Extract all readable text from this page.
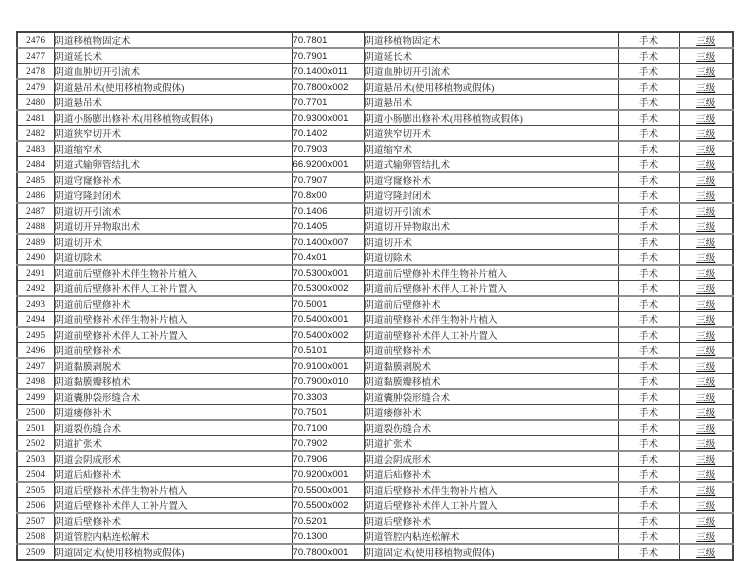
2476	阴道移植物固定术	70.7801	阴道移植物固定术	手术	三级
2477	阴道延长术	70.7901	阴道延长术	手术	三级
2478	阴道血肿切开引流术	70.1400x011	阴道血肿切开引流术	手术	三级
2479	阴道悬吊术(使用移植物或假体)	70.7800x002	阴道悬吊术(使用移植物或假体)	手术	三级
2480	阴道悬吊术	70.7701	阴道悬吊术	手术	三级
2481	阴道小肠膨出修补术(用移植物或假体)	70.9300x001	阴道小肠膨出修补术(用移植物或假体)	手术	三级
2482	阴道狭窄切开术	70.1402	阴道狭窄切开术	手术	三级
2483	阴道缩窄术	70.7903	阴道缩窄术	手术	三级
2484	阴道式输卵管结扎术	66.9200x001	阴道式输卵管结扎术	手术	三级
2485	阴道穹窿修补术	70.7907	阴道穹窿修补术	手术	三级
2486	阴道穹隆封闭术	70.8x00	阴道穹隆封闭术	手术	三级
2487	阴道切开引流术	70.1406	阴道切开引流术	手术	三级
2488	阴道切开异物取出术	70.1405	阴道切开异物取出术	手术	三级
2489	阴道切开术	70.1400x007	阴道切开术	手术	三级
2490	阴道切除术	70.4x01	阴道切除术	手术	三级
2491	阴道前后壁修补术伴生物补片植入	70.5300x001	阴道前后壁修补术伴生物补片植入	手术	三级
2492	阴道前后壁修补术伴人工补片置入	70.5300x002	阴道前后壁修补术伴人工补片置入	手术	三级
2493	阴道前后壁修补术	70.5001	阴道前后壁修补术	手术	三级
2494	阴道前壁修补术伴生物补片植入	70.5400x001	阴道前壁修补术伴生物补片植入	手术	三级
2495	阴道前壁修补术伴人工补片置入	70.5400x002	阴道前壁修补术伴人工补片置入	手术	三级
2496	阴道前壁修补术	70.5101	阴道前壁修补术	手术	三级
2497	阴道黏膜剥脱术	70.9100x001	阴道黏膜剥脱术	手术	三级
2498	阴道黏膜瓣移植术	70.7900x010	阴道黏膜瓣移植术	手术	三级
2499	阴道囊肿袋形缝合术	70.3303	阴道囊肿袋形缝合术	手术	三级
2500	阴道瘘修补术	70.7501	阴道瘘修补术	手术	三级
2501	阴道裂伤缝合术	70.7100	阴道裂伤缝合术	手术	三级
2502	阴道扩张术	70.7902	阴道扩张术	手术	三级
2503	阴道会阴成形术	70.7906	阴道会阴成形术	手术	三级
2504	阴道后疝修补术	70.9200x001	阴道后疝修补术	手术	三级
2505	阴道后壁修补术伴生物补片植入	70.5500x001	阴道后壁修补术伴生物补片植入	手术	三级
2506	阴道后壁修补术伴人工补片置入	70.5500x002	阴道后壁修补术伴人工补片置入	手术	三级
2507	阴道后壁修补术	70.5201	阴道后壁修补术	手术	三级
2508	阴道管腔内粘连松解术	70.1300	阴道管腔内粘连松解术	手术	三级
2509	阴道固定术(使用移植物或假体)	70.7800x001	阴道固定术(使用移植物或假体)	手术	三级
